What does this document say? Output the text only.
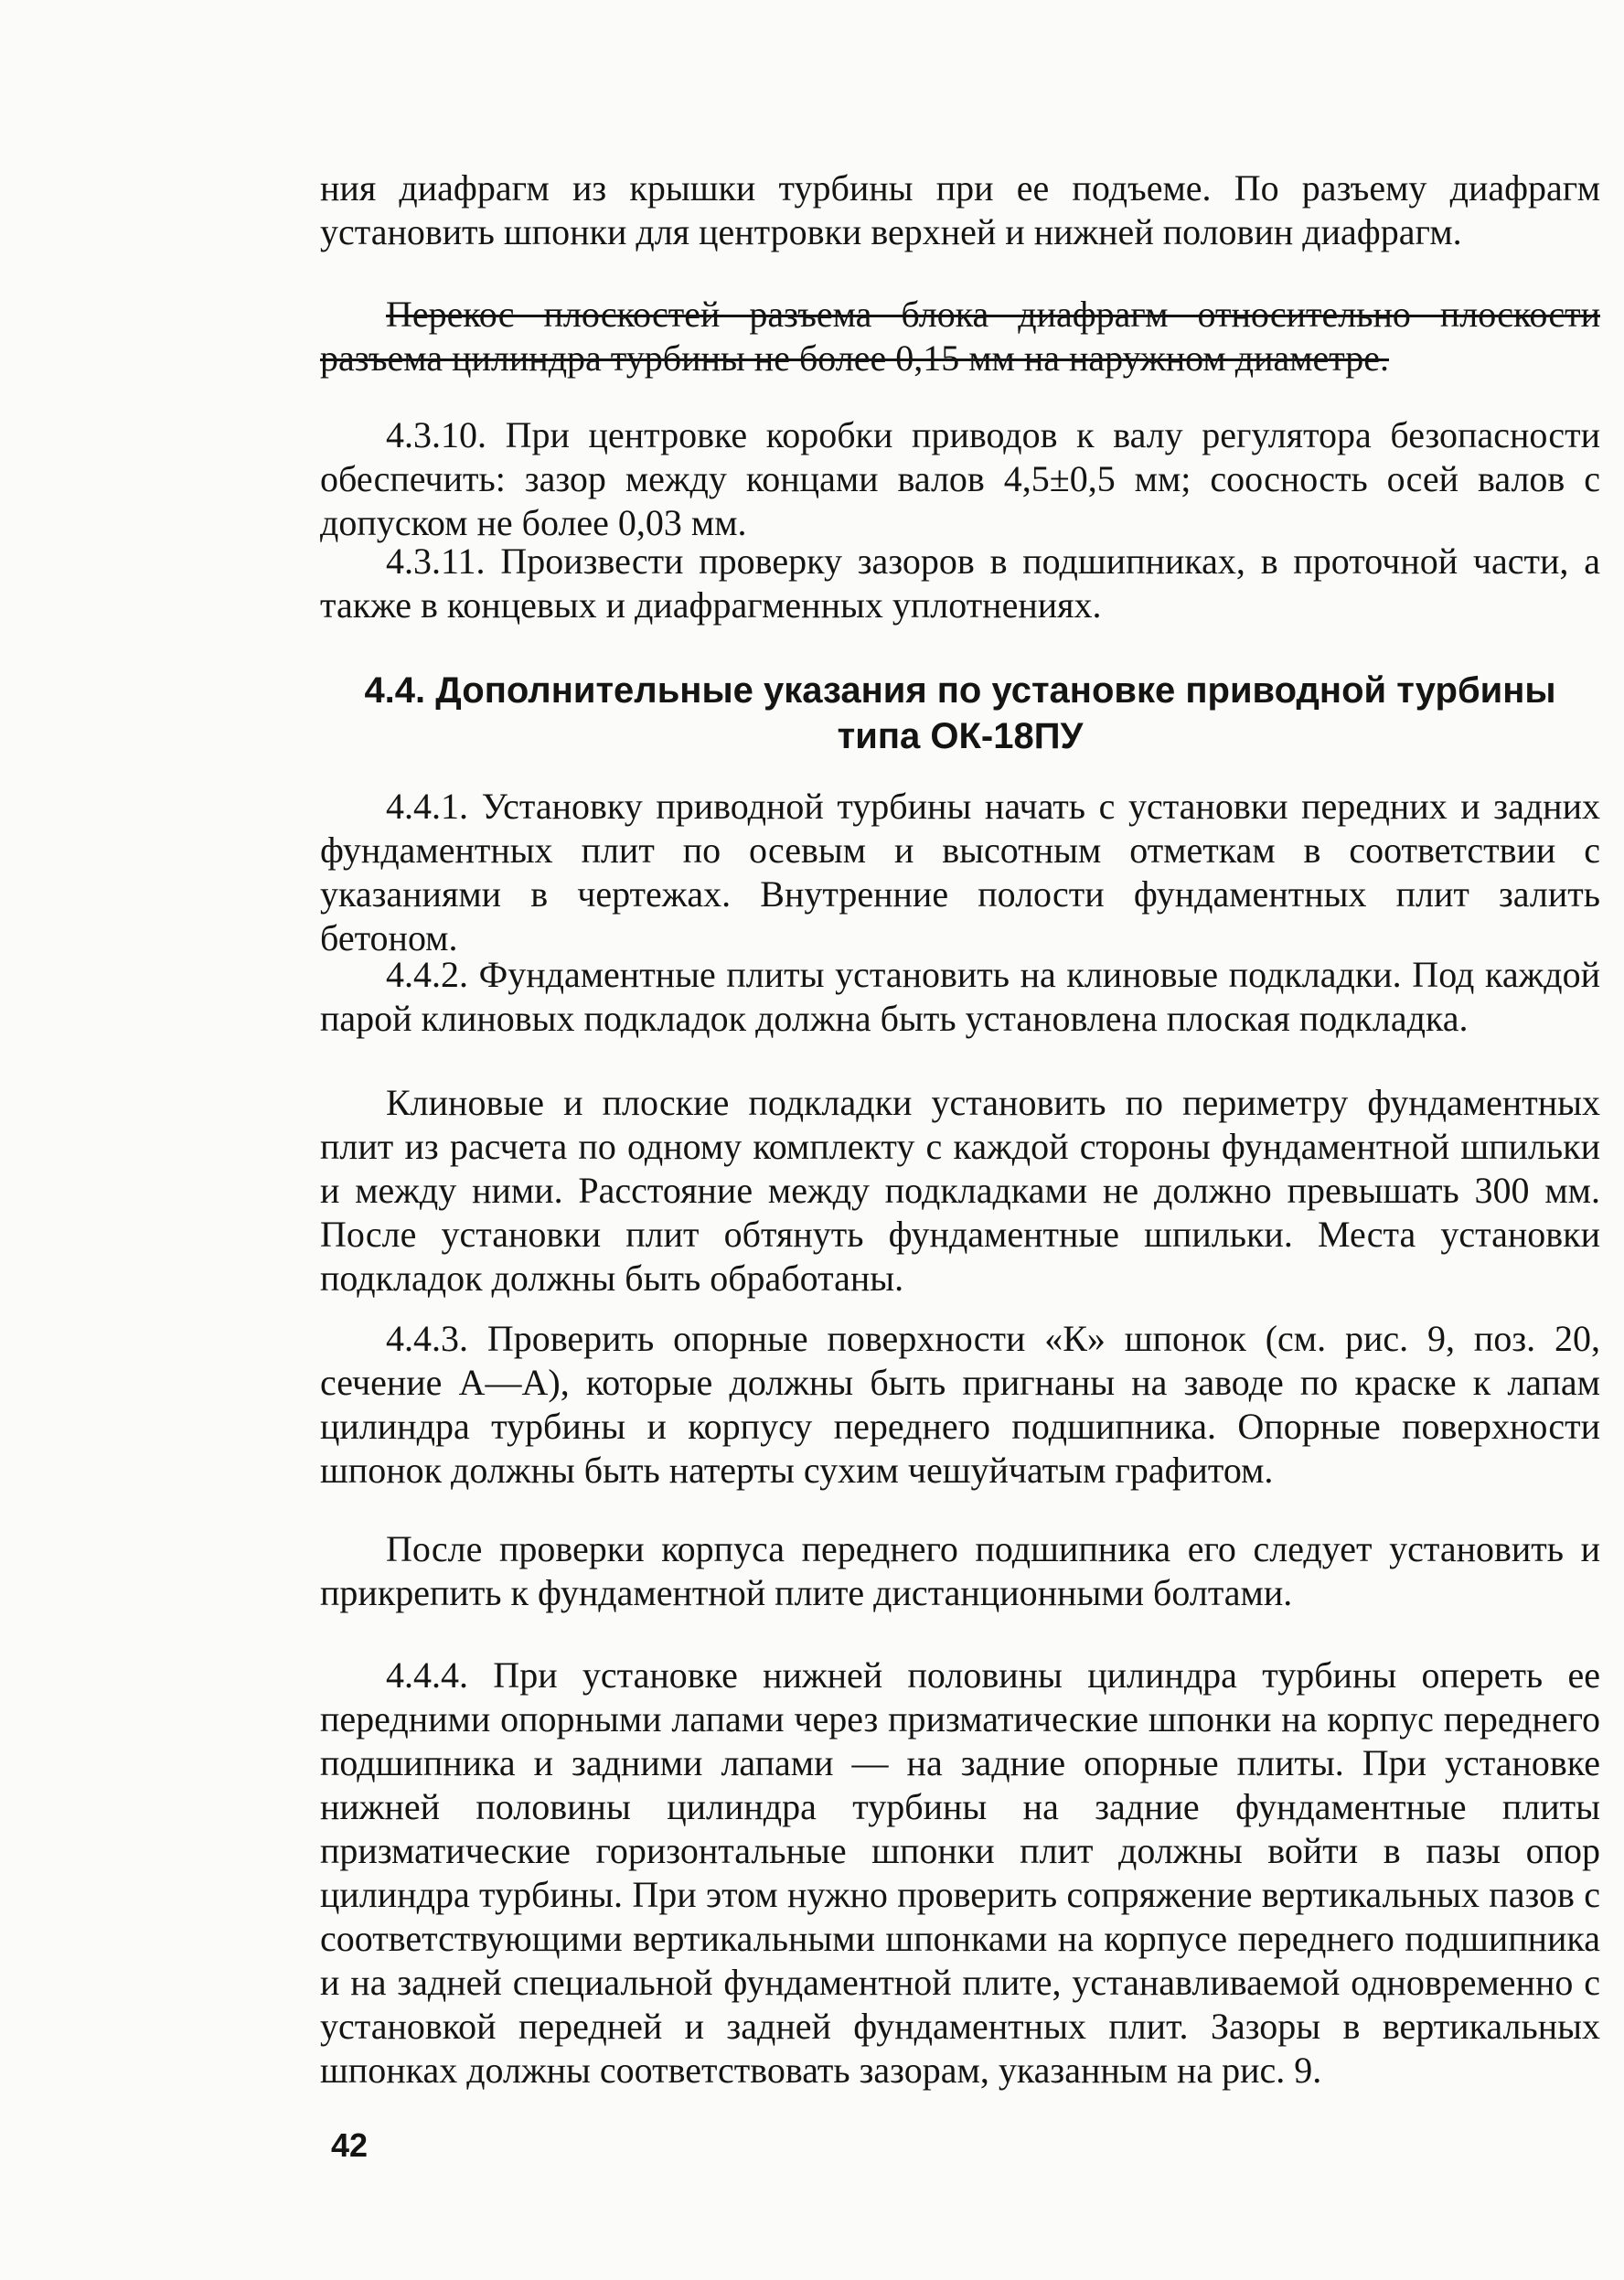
ния диафрагм из крышки турбины при ее подъеме. По разъему диафрагм установить шпонки для центровки верхней и нижней половин диафрагм.

Перекос плоскостей разъема блока диафрагм относительно плоскости разъема цилиндра турбины не более 0,15 мм на наружном диаметре.

4.3.10. При центровке коробки приводов к валу регулятора безопасности обеспечить: зазор между концами валов 4,5±0,5 мм; соосность осей валов с допуском не более 0,03 мм.

4.3.11. Произвести проверку зазоров в подшипниках, в проточной части, а также в концевых и диафрагменных уплотнениях.

4.4. Дополнительные указания по установке приводной турбины
типа ОК-18ПУ

4.4.1. Установку приводной турбины начать с установки передних и задних фундаментных плит по осевым и высотным отметкам в соответствии с указаниями в чертежах. Внутренние полости фундаментных плит залить бетоном.

4.4.2. Фундаментные плиты установить на клиновые подкладки. Под каждой парой клиновых подкладок должна быть установлена плоская подкладка.

Клиновые и плоские подкладки установить по периметру фундаментных плит из расчета по одному комплекту с каждой стороны фундаментной шпильки и между ними. Расстояние между подкладками не должно превышать 300 мм. После установки плит обтянуть фундаментные шпильки. Места установки подкладок должны быть обработаны.

4.4.3. Проверить опорные поверхности «К» шпонок (см. рис. 9, поз. 20, сечение А—А), которые должны быть пригнаны на заводе по краске к лапам цилиндра турбины и корпусу переднего подшипника. Опорные поверхности шпонок должны быть натерты сухим чешуйчатым графитом.

После проверки корпуса переднего подшипника его следует установить и прикрепить к фундаментной плите дистанционными болтами.

4.4.4. При установке нижней половины цилиндра турбины опереть ее передними опорными лапами через призматические шпонки на корпус переднего подшипника и задними лапами — на задние опорные плиты. При установке нижней половины цилиндра турбины на задние фундаментные плиты призматические горизонтальные шпонки плит должны войти в пазы опор цилиндра турбины. При этом нужно проверить сопряжение вертикальных пазов с соответствующими вертикальными шпонками на корпусе переднего подшипника и на задней специальной фундаментной плите, устанавливаемой одновременно с установкой передней и задней фундаментных плит. Зазоры в вертикальных шпонках должны соответствовать зазорам, указанным на рис. 9.

42
